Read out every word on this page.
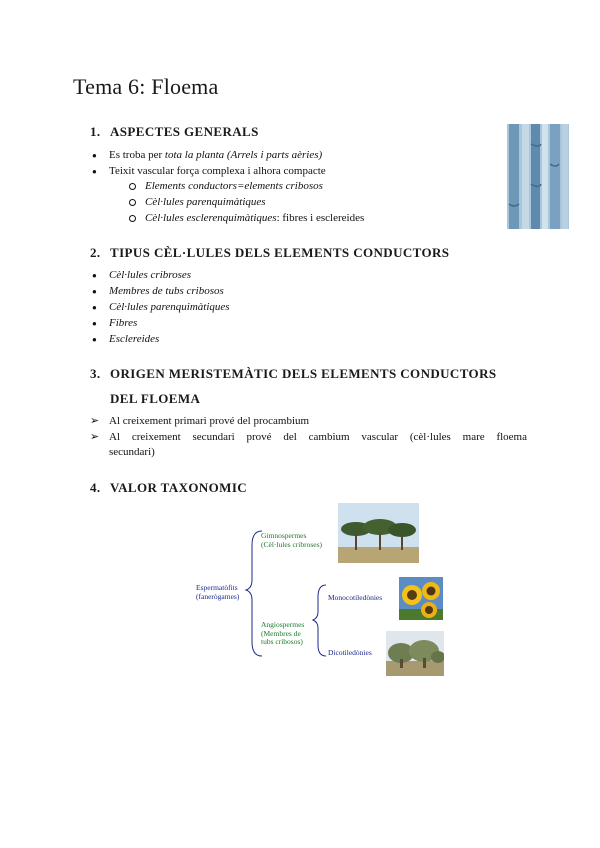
Tema 6: Floema
1. ASPECTES GENERALS
● Es troba per tota la planta (Arrels i parts aèries)
● Teixit vascular força complexa i alhora compacte
Elements conductors=elements cribosos
Cèl·lules parenquimàtiques
Cèl·lules esclerenquimàtiques: fibres i esclereides
2. TIPUS CÈL·LULES DELS ELEMENTS CONDUCTORS
● Cèl·lules cribroses
● Membres de tubs cribosos
● Cèl·lules parenquimàtiques
● Fibres
● Esclereides
3. ORIGEN MERISTEMÀTIC DELS ELEMENTS CONDUCTORS
DEL FLOEMA
➢ Al creixement primari prové del procambium
➢ Al creixement secundari prové del cambium vascular (cèl·lules mare floema
secundari)
4. VALOR TAXONOMIC
Espermatòfits
(fanerògames)
Gimnospermes
(Cèl·lules cribroses)
Angiospermes
(Membres de
tubs cribosos)
Monocotiledònies
Dicotiledònies
